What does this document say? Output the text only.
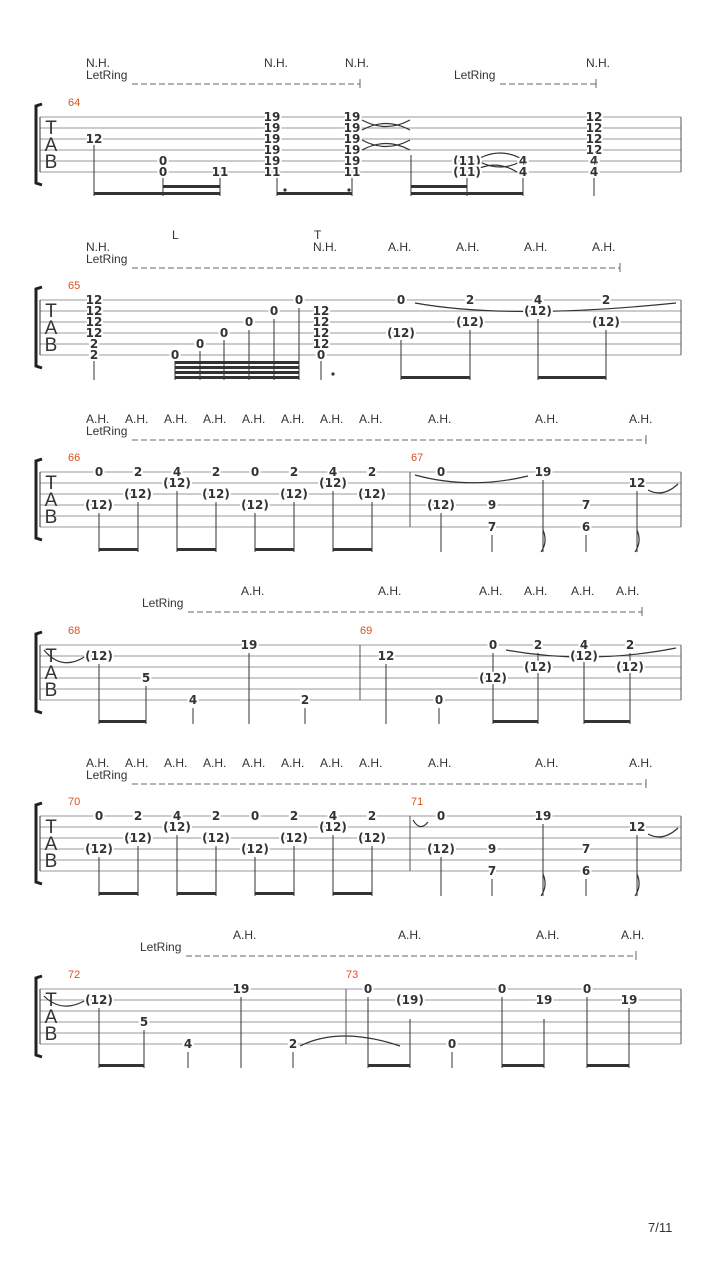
T
A
B
64
N.H.
LetRing
N.H.	N.H.
LetRing
N.H.
12
0
0	11
19
19
19
19
19
11
19
19
19
19
19
11
(11)
(11)
4
4
12
12
12
12
4
4
T
A
B
65
L	T
N.H.
LetRing
N.H.	A.H.	A.H.	A.H.	A.H.
12
12
12
12
2
2	0
0
0
0
0
0
12
12
12
12
0
0
(12)
2
(12)
4
(12)
2
(12)
T
A
B
66	67
A.H. A.H. A.H. A.H. A.H. A.H. A.H. A.H.	A.H.	A.H.	A.H.
LetRing
0
(12)
2
(12)
4
(12)
2
(12)
0
(12)
2
(12)
4
(12)
2
(12)
0
(12)	9
7
19
7
6
12
T
A
B
68	69
LetRing
A.H.	A.H.	A.H. A.H. A.H. A.H.
(12)
5
4
19
2
12
0
0
(12)
2
(12)
4
(12)
2
(12)
T
A
B
70	71
A.H. A.H. A.H. A.H. A.H. A.H. A.H. A.H.	A.H.	A.H.	A.H.
LetRing
0
(12)
2
(12)
4
(12)
2
(12)
0
(12)
2
(12)
4
(12)
2
(12)
0
(12)	9
7
19
7
6
12
T
A
B
72	73
LetRing
A.H.	A.H.	A.H.	A.H.
(12)
5
4
19
2
0
(19)
0
0
19
0
19
7/11
